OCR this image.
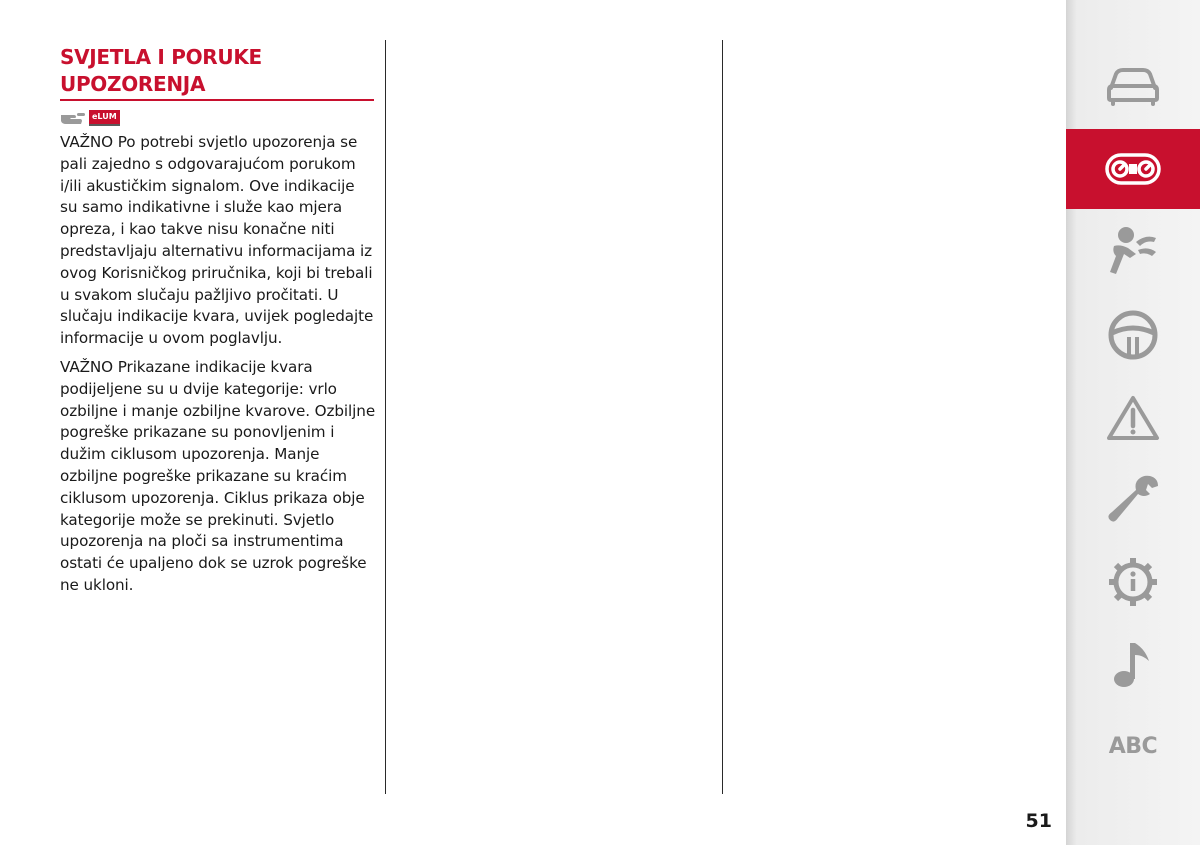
SVJETLA I PORUKE UPOZORENJA
eLUM

VAŽNO Po potrebi svjetlo upozorenja se pali zajedno s odgovarajućom porukom i/ili akustičkim signalom. Ove indikacije su samo indikativne i služe kao mjera opreza, i kao takve nisu konačne niti predstavljaju alternativu informacijama iz ovog Korisničkog priručnika, koji bi trebali u svakom slučaju pažljivo pročitati. U slučaju indikacije kvara, uvijek pogledajte informacije u ovom poglavlju.

VAŽNO Prikazane indikacije kvara podijeljene su u dvije kategorije: vrlo ozbiljne i manje ozbiljne kvarove. Ozbiljne pogreške prikazane su ponovljenim i dužim ciklusom upozorenja. Manje ozbiljne pogreške prikazane su kraćim ciklusom upozorenja. Ciklus prikaza obje kategorije može se prekinuti. Svjetlo upozorenja na ploči sa instrumentima ostati će upaljeno dok se uzrok pogreške ne ukloni.

ABC
51
